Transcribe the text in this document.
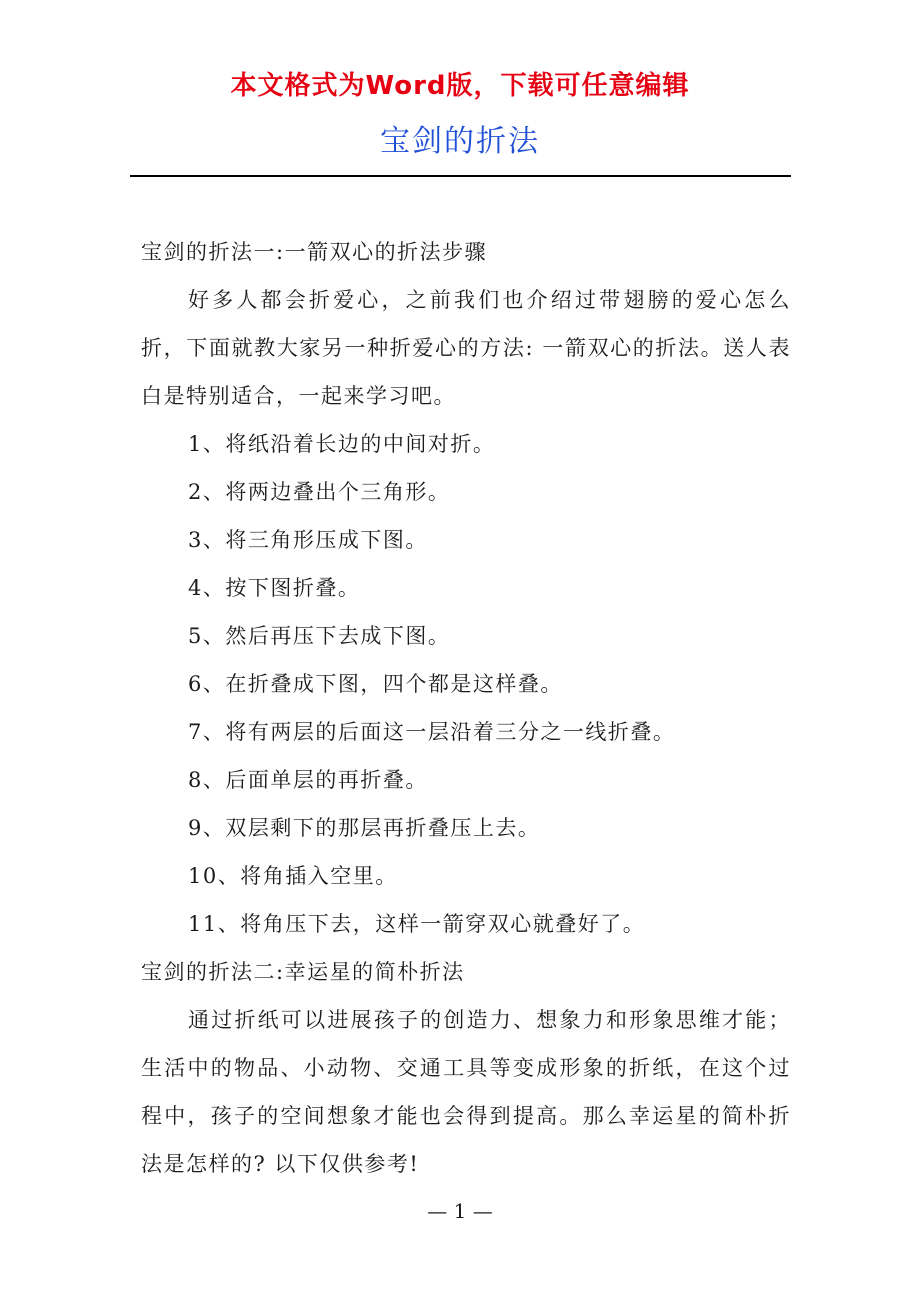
本文格式为Word版，下载可任意编辑
宝剑的折法
宝剑的折法一:一箭双心的折法步骤
好多人都会折爱心，之前我们也介绍过带翅膀的爱心怎么折，下面就教大家另一种折爱心的方法: 一箭双心的折法。送人表白是特别适合，一起来学习吧。
1、将纸沿着长边的中间对折。
2、将两边叠出个三角形。
3、将三角形压成下图。
4、按下图折叠。
5、然后再压下去成下图。
6、在折叠成下图，四个都是这样叠。
7、将有两层的后面这一层沿着三分之一线折叠。
8、后面单层的再折叠。
9、双层剩下的那层再折叠压上去。
10、将角插入空里。
11、将角压下去，这样一箭穿双心就叠好了。
宝剑的折法二:幸运星的简朴折法
通过折纸可以进展孩子的创造力、想象力和形象思维才能；生活中的物品、小动物、交通工具等变成形象的折纸，在这个过程中，孩子的空间想象才能也会得到提高。那么幸运星的简朴折法是怎样的? 以下仅供参考!
— 1 —
